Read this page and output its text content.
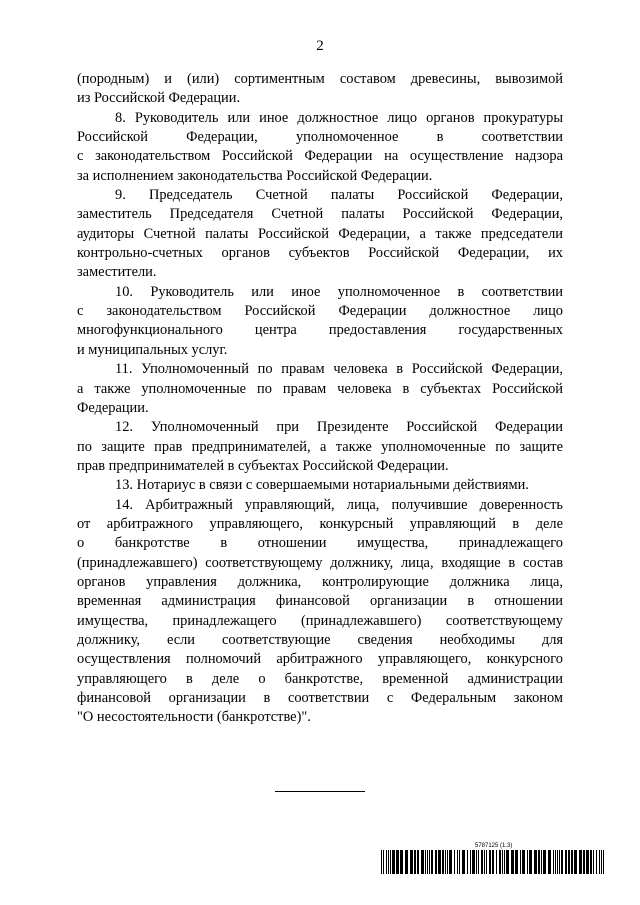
2
(породным) и (или) сортиментным составом древесины, вывозимой
из Российской Федерации.
8. Руководитель или иное должностное лицо органов прокуратуры
Российской Федерации, уполномоченное в соответствии
с законодательством Российской Федерации на осуществление надзора
за исполнением законодательства Российской Федерации.
9. Председатель Счетной палаты Российской Федерации,
заместитель Председателя Счетной палаты Российской Федерации,
аудиторы Счетной палаты Российской Федерации, а также председатели
контрольно-счетных органов субъектов Российской Федерации, их
заместители.
10. Руководитель или иное уполномоченное в соответствии
с законодательством Российской Федерации должностное лицо
многофункционального центра предоставления государственных
и муниципальных услуг.
11. Уполномоченный по правам человека в Российской Федерации,
а также уполномоченные по правам человека в субъектах Российской
Федерации.
12. Уполномоченный при Президенте Российской Федерации
по защите прав предпринимателей, а также уполномоченные по защите
прав предпринимателей в субъектах Российской Федерации.
13. Нотариус в связи с совершаемыми нотариальными действиями.
14. Арбитражный управляющий, лица, получившие доверенность
от арбитражного управляющего, конкурсный управляющий в деле
о банкротстве в отношении имущества, принадлежащего
(принадлежавшего) соответствующему должнику, лица, входящие в состав
органов управления должника, контролирующие должника лица,
временная администрация финансовой организации в отношении
имущества, принадлежащего (принадлежавшего) соответствующему
должнику, если соответствующие сведения необходимы для
осуществления полномочий арбитражного управляющего, конкурсного
управляющего в деле о банкротстве, временной администрации
финансовой организации в соответствии с Федеральным законом
"О несостоятельности (банкротстве)".
5787125 (1.3)
